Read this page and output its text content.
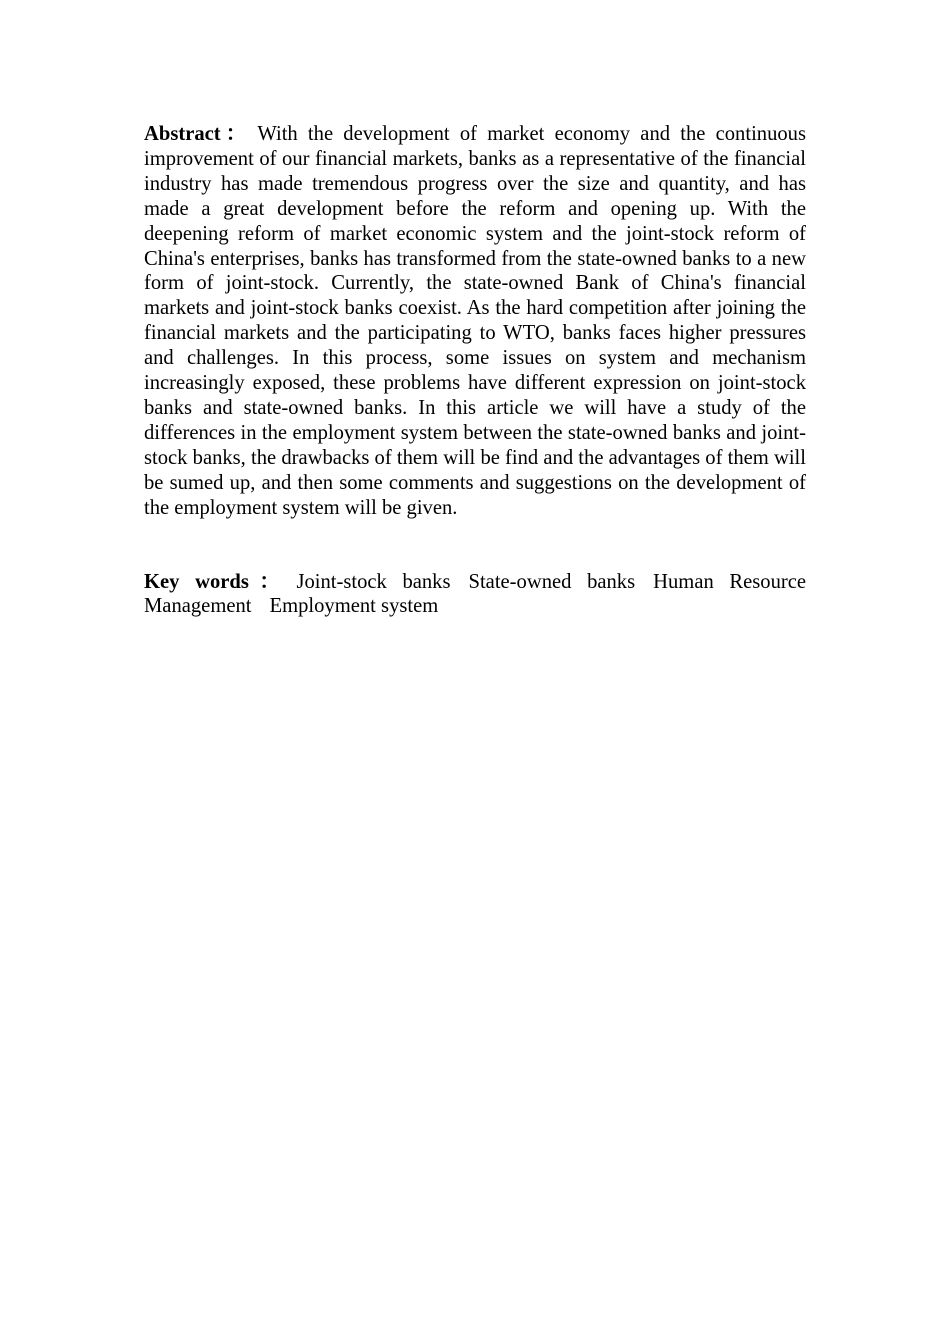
Abstract： With the development of market economy and the continuous improvement of our financial markets, banks as a representative of the financial industry has made tremendous progress over the size and quantity, and has made a great development before the reform and opening up. With the deepening reform of market economic system and the joint-stock reform of China's enterprises, banks has transformed from the state-owned banks to a new form of joint-stock. Currently, the state-owned Bank of China's financial markets and joint-stock banks coexist. As the hard competition after joining the financial markets and the participating to WTO, banks faces higher pressures and challenges. In this process, some issues on system and mechanism increasingly exposed, these problems have different expression on joint-stock banks and state-owned banks. In this article we will have a study of the differences in the employment system between the state-owned banks and joint-stock banks, the drawbacks of them will be find and the advantages of them will be sumed up, and then some comments and suggestions on the development of the employment system will be given.

Key words： Joint-stock banks State-owned banks Human Resource Management Employment system
